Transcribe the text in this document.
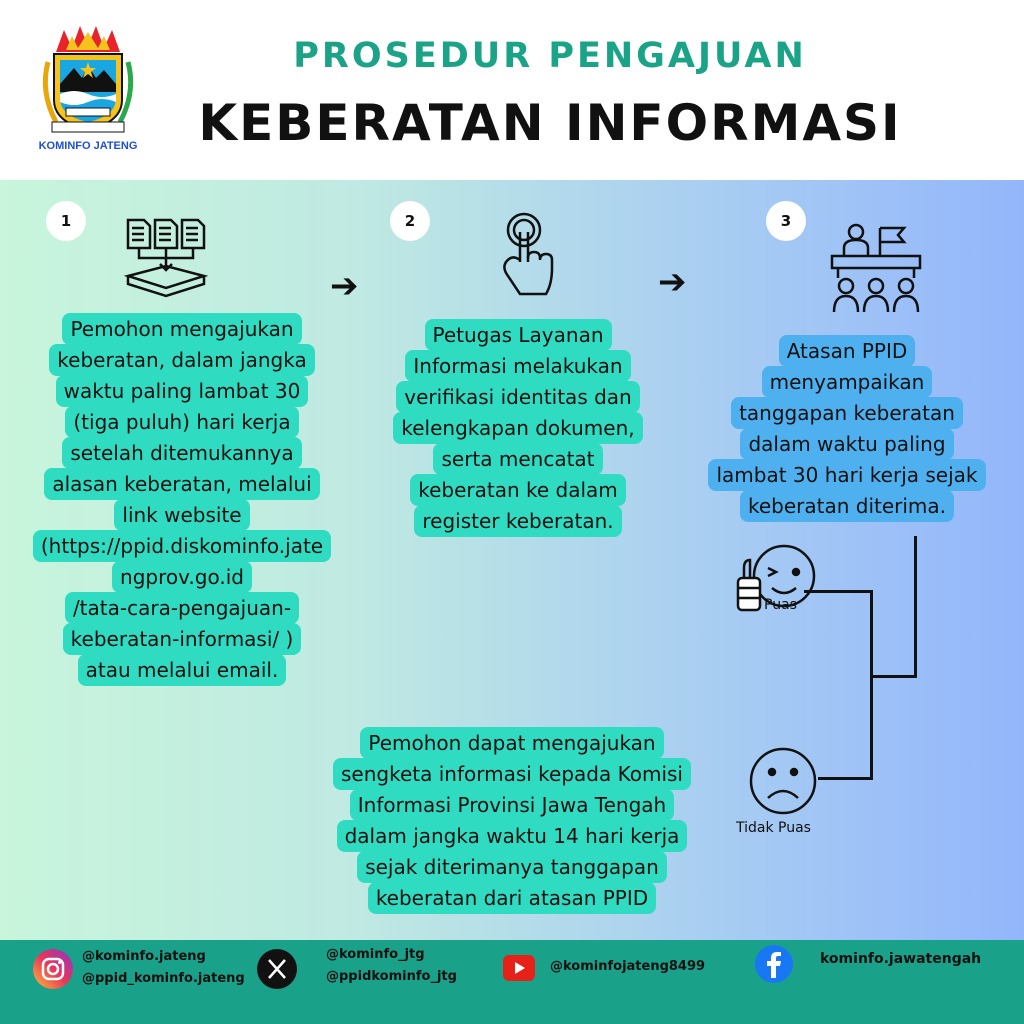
KOMINFO JATENG
PROSEDUR PENGAJUAN
KEBERATAN INFORMASI
1
Pemohon mengajukan
keberatan, dalam jangka
waktu paling lambat 30
(tiga puluh) hari kerja
setelah ditemukannya
alasan keberatan, melalui
link website
(https://ppid.diskominfo.jate
ngprov.go.id
/tata-cara-pengajuan-
keberatan-informasi/ )
atau melalui email.
➔
2
Petugas Layanan
Informasi melakukan
verifikasi identitas dan
kelengkapan dokumen,
serta mencatat
keberatan ke dalam
register keberatan.
➔
3
Atasan PPID
menyampaikan
tanggapan keberatan
dalam waktu paling
lambat 30 hari kerja sejak
keberatan diterima.
Puas
Tidak Puas
Pemohon dapat mengajukan
sengketa informasi kepada Komisi
Informasi Provinsi Jawa Tengah
dalam jangka waktu 14 hari kerja
sejak diterimanya tanggapan
keberatan dari atasan PPID
@kominfo.jateng
@ppid_kominfo.jateng
@kominfo_jtg
@ppidkominfo_jtg
@kominfojateng8499	kominfo.jawatengah
